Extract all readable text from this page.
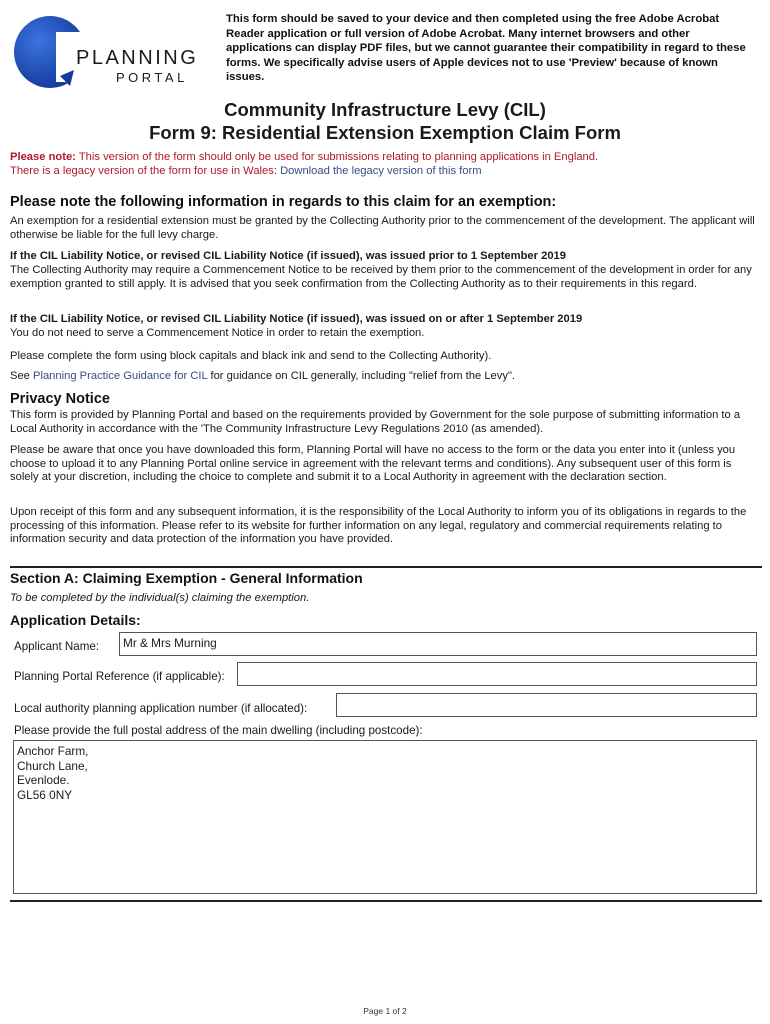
PLANNING
PORTAL
This form should be saved to your device and then completed using the free Adobe Acrobat Reader application or full version of Adobe Acrobat. Many internet browsers and other applications can display PDF files, but we cannot guarantee their compatibility in regard to these forms. We specifically advise users of Apple devices not to use 'Preview' because of known issues.
Community Infrastructure Levy (CIL)
Form 9: Residential Extension Exemption Claim Form
Please note: This version of the form should only be used for submissions relating to planning applications in England.
There is a legacy version of the form for use in Wales: Download the legacy version of this form
Please note the following information in regards to this claim for an exemption:
An exemption for a residential extension must be granted by the Collecting Authority prior to the commencement of the development. The applicant will otherwise be liable for the full levy charge.
If the CIL Liability Notice, or revised CIL Liability Notice (if issued), was issued prior to 1 September 2019
The Collecting Authority may require a Commencement Notice to be received by them prior to the commencement of the development in order for any exemption granted to still apply. It is advised that you seek confirmation from the Collecting Authority as to their requirements in this regard.
If the CIL Liability Notice, or revised CIL Liability Notice (if issued), was issued on or after 1 September 2019
You do not need to serve a Commencement Notice in order to retain the exemption.
Please complete the form using block capitals and black ink and send to the Collecting Authority).
See Planning Practice Guidance for CIL for guidance on CIL generally, including "relief from the Levy".
Privacy Notice
This form is provided by Planning Portal and based on the requirements provided by Government for the sole purpose of submitting information to a Local Authority in accordance with the 'The Community Infrastructure Levy Regulations 2010 (as amended).
Please be aware that once you have downloaded this form, Planning Portal will have no access to the form or the data you enter into it (unless you choose to upload it to any Planning Portal online service in agreement with the relevant terms and conditions). Any subsequent user of this form is solely at your discretion, including the choice to complete and submit it to a Local Authority in agreement with the declaration section.
Upon receipt of this form and any subsequent information, it is the responsibility of the Local Authority to inform you of its obligations in regards to the processing of this information. Please refer to its website for further information on any legal, regulatory and commercial requirements relating to information security and data protection of the information you have provided.
Section A: Claiming Exemption - General Information
To be completed by the individual(s) claiming the exemption.
Application Details:
Applicant Name: Mr & Mrs Murning
Planning Portal Reference (if applicable):
Local authority planning application number (if allocated):
Please provide the full postal address of the main dwelling (including postcode):
Anchor Farm,
Church Lane,
Evenlode.
GL56 0NY
Page 1 of 2
